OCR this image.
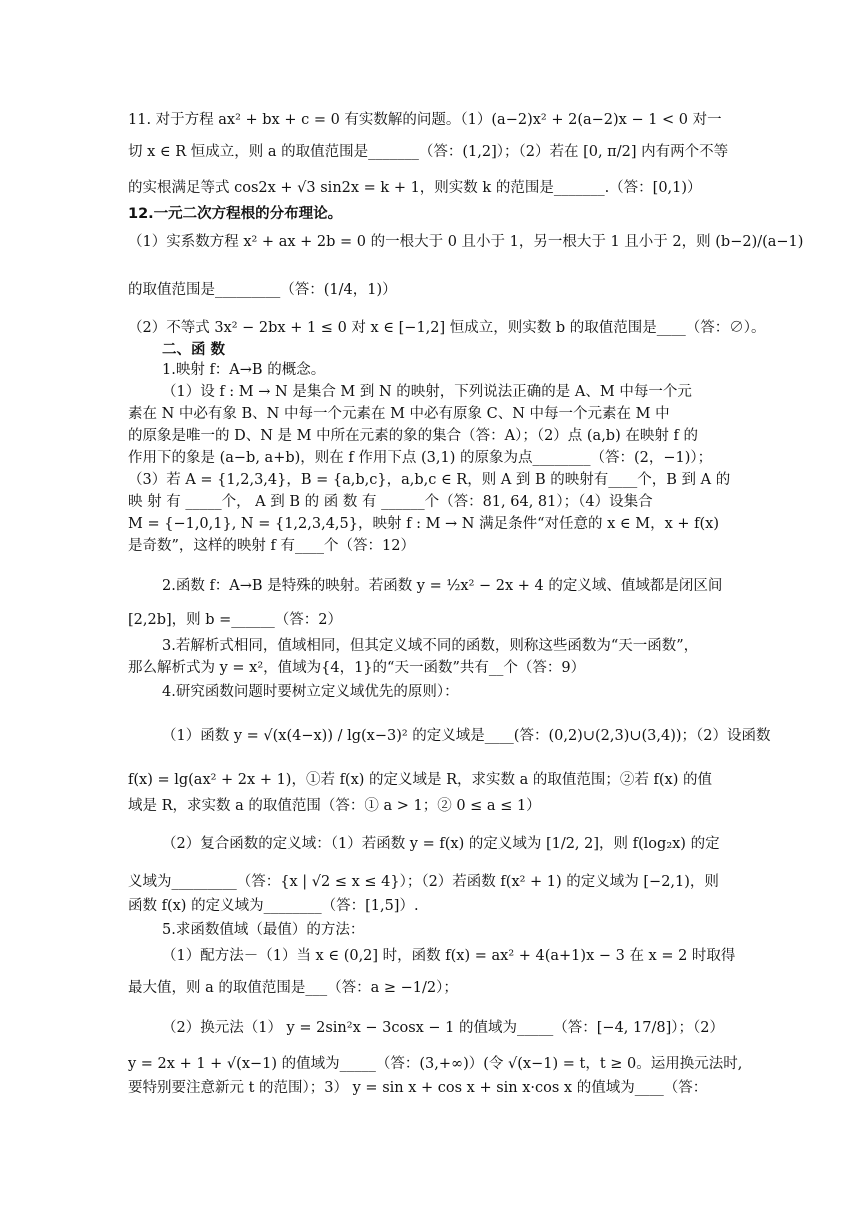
11. 对于方程 ax² + bx + c = 0 有实数解的问题。（1）(a−2)x² + 2(a−2)x − 1 < 0 对一
切 x ∈ R 恒成立，则 a 的取值范围是_______（答：(1,2]）；（2）若在 [0, π/2] 内有两个不等
的实根满足等式 cos2x + √3 sin2x = k + 1，则实数 k 的范围是_______.（答：[0,1)）
12.一元二次方程根的分布理论。
（1）实系数方程 x² + ax + 2b = 0 的一根大于 0 且小于 1，另一根大于 1 且小于 2，则 (b−2)/(a−1)
的取值范围是_________（答：(1/4，1)）
（2）不等式 3x² − 2bx + 1 ≤ 0 对 x ∈ [−1,2] 恒成立，则实数 b 的取值范围是____（答：∅）。
二、函 数
1.映射 f：A→B 的概念。
（1）设 f : M → N 是集合 M 到 N 的映射，下列说法正确的是 A、M 中每一个元
素在 N 中必有象 B、N 中每一个元素在 M 中必有原象 C、N 中每一个元素在 M 中
的原象是唯一的 D、N 是 M 中所在元素的象的集合（答：A）；（2）点 (a,b) 在映射 f 的
作用下的象是 (a−b, a+b)，则在 f 作用下点 (3,1) 的原象为点________（答：(2，−1)）；
（3）若 A = {1,2,3,4}，B = {a,b,c}，a,b,c ∈ R，则 A 到 B 的映射有____个，B 到 A 的
映 射 有 _____个， A 到 B 的 函 数 有 ______个（答：81, 64, 81）；（4）设集合
M = {−1,0,1}, N = {1,2,3,4,5}，映射 f : M → N 满足条件“对任意的 x ∈ M，x + f(x)
是奇数”，这样的映射 f 有____个（答：12）
2.函数 f：A→B 是特殊的映射。若函数 y = ½x² − 2x + 4 的定义域、值域都是闭区间
[2,2b]，则 b =______（答：2）
3.若解析式相同，值域相同，但其定义域不同的函数，则称这些函数为“天一函数”，
那么解析式为 y = x²，值域为{4，1}的“天一函数”共有__个（答：9）
4.研究函数问题时要树立定义域优先的原则）：
（1）函数 y = √(x(4−x)) / lg(x−3)² 的定义域是____(答：(0,2)∪(2,3)∪(3,4))；（2）设函数
f(x) = lg(ax² + 2x + 1)，①若 f(x) 的定义域是 R，求实数 a 的取值范围；②若 f(x) 的值
域是 R，求实数 a 的取值范围（答：① a > 1；② 0 ≤ a ≤ 1）
（2）复合函数的定义域：（1）若函数 y = f(x) 的定义域为 [1/2, 2]，则 f(log₂x) 的定
义域为_________（答：{x | √2 ≤ x ≤ 4}）；（2）若函数 f(x² + 1) 的定义域为 [−2,1)，则
函数 f(x) 的定义域为________（答：[1,5]）.
5.求函数值域（最值）的方法：
（1）配方法－（1）当 x ∈ (0,2] 时，函数 f(x) = ax² + 4(a+1)x − 3 在 x = 2 时取得
最大值，则 a 的取值范围是___（答：a ≥ −1/2）；
（2）换元法（1） y = 2sin²x − 3cosx − 1 的值域为_____（答：[−4, 17/8]）；（2）
y = 2x + 1 + √(x−1) 的值域为_____（答：(3,+∞)）(令 √(x−1) = t，t ≥ 0。运用换元法时,
要特别要注意新元 t 的范围）；3） y = sin x + cos x + sin x·cos x 的值域为____（答：
